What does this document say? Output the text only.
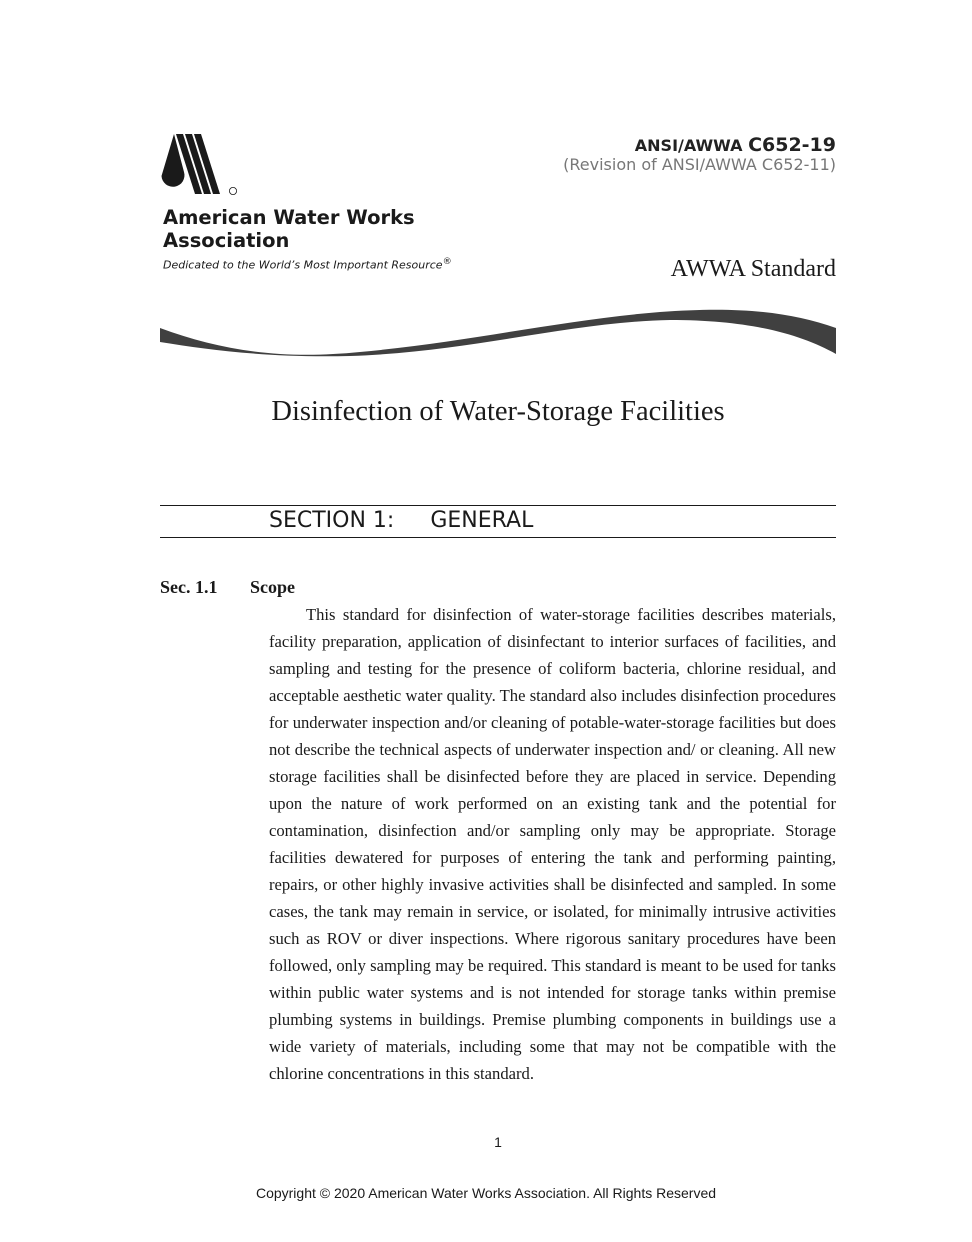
American Water Works
Association
Dedicated to the World’s Most Important Resource®
ANSI/AWWA C652-19
(Revision of ANSI/AWWA C652-11)
AWWA Standard
Disinfection of Water-Storage Facilities
SECTION 1: GENERAL
Sec. 1.1 Scope
This standard for disinfection of water-storage facilities describes materials, facility preparation, application of disinfectant to interior surfaces of facilities, and sampling and testing for the presence of coliform bacteria, chlorine residual, and acceptable aesthetic water quality. The standard also includes disinfection procedures for underwater inspection and/or cleaning of potable-water-storage facilities but does not describe the technical aspects of underwater inspection and/ or cleaning. All new storage facilities shall be disinfected before they are placed in service. Depending upon the nature of work performed on an existing tank and the potential for contamination, disinfection and/or sampling only may be appropriate. Storage facilities dewatered for purposes of entering the tank and performing painting, repairs, or other highly invasive activities shall be disinfected and sampled. In some cases, the tank may remain in service, or isolated, for minimally intrusive activities such as ROV or diver inspections. Where rigorous sanitary procedures have been followed, only sampling may be required. This standard is meant to be used for tanks within public water systems and is not intended for storage tanks within premise plumbing systems in buildings. Premise plumbing components in buildings use a wide variety of materials, including some that may not be compatible with the chlorine concentrations in this standard.
1
Copyright © 2020 American Water Works Association. All Rights Reserved
